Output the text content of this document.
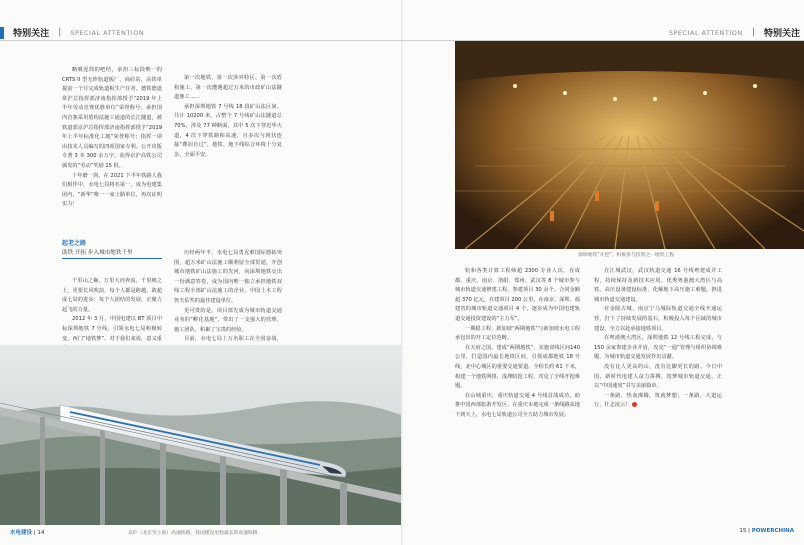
特别关注 | SPECIAL ATTENTION	SPECIAL ATTENTION | 特别关注

略吸泥筒的吧结，承担三标段唯一的 CRTS II 型无砟轨道板厂、商砼站、高铁单提前一个月完成轨道板生产任务。德铁德道常沪总指挥部济南指挥部授予“2019 年上半年劳动竞赛优胜单位”荣誉称号；承担国内首条采用盾构法施工通道的长江隧道，被铁道部京沪总指挥部济南指挥部授予“2019 年上半年标准化工地”荣誉称号；指挥一项由技术人员编写的四项国家专利。公开出版专著 3 本 300 余万字，获得京沪高铁公司颁发的“劳动”奖励 15 批。

十年磨一剑。在 2021 下半年铁路人我们相伴中，水电七局将名第一，成为电建集团内、“新华”唯一一家土路单位，再次证明实力！

起老之路
助铁 开拓 步入城市地铁千里

千里山之巅，万里大河奔流，千里峡之上，更要长风吹浪，每个人都是跨越，敢超成七局的进步；每个人团结的发展，正聚力起飞的力量。

2012 年 3 月，中国电建以 BT 项目中标深圳地铁 7 号线，引领水电七局积极转变，西门“地铁梦”。对于我们来说，意义重

第一次地铁、第一次涉外特区、第一次盾构施工、第一次遭遇超过万米的市政矿山法隧道施工……

承担深圳地铁 7 号线 18 段矿山法区间。共计 10200 米，占整个 7 号线矿山法隧道总 70%，涉及 77 种断面，其中 5 次下穿近华大道，4 次下穿铁路和高速，且多次与现状连接“叠泪自过”，地铁、地下线综合环境十分复杂，全面平安。

历经两年半，水电七局勇克难国际德拓突围，超万米矿山法施工顺利留全部贯通，开创城市地铁矿山法施工的先河，向深圳地铁交出一份满意答卷，成为国内唯一独立承担地铁双线工程全部矿山法施工的企业，中国土木工程詹天佑奖的最佳建设单位。

更可贵的是，项目部先成为城市轨道交通业务的“孵化基地”，带出了一支强大的管理、施工团队，积累了宝贵的经验。

目前，水电七局上万名职工在全国奋战，

京沪（北京至上海）高速铁路，我国建设里程最长的高速铁路
深圳地铁“开挖”，积极参与投资之一地铁工程

轨和各类计算工程师超 2300 专业人次。在成都、重庆、南京、洛阳、郑州、武汉等 8 个城市参与城市轨道交通修建工程，参建项目 30 余个。合同金额超 370 亿元，在建项目 200 公里，在南京、深圳、福建省的城市轨道交通项目 4 个，逐步成为中国电建轨道交通投资建设的“主力军”。

一期稳工程，新加坡“两期地铁”与新加坡水电工程承包出的开工定位范畴。

在天府之国，建成“两期地铁”，实施双线区间140 公里，打造国内最长地铁区间，引领成都地铁 18 号线，北中心城区的重要交通要道。全程长约 61 千米，构建一个地铁网络。浅埋暗挖工程，攻克了全线开挖难题。

在山城重庆，重庆轨道交通 4 号线首战成功，助推中国西部旅游开发区，在重庆本地完成一条线路从地下到天上，水电七局轨道公司全力助力城市发展。

在江城武汉，武汉轨道交通 16 号线粤建成并工程，持续保持及新技术应用。优秀粤港澳大湾区与高铁、高压设备建设标准，化解地下高压施工难题，推进城市轨道交通建设。

在金陵古城，南京宁马城际轨道交通全线开通运营，打下了持续发展的基石，积极投入每个区域的城市建设，全力以赴承接地铁项目。

在粤港澳大湾区，深圳地铁 12 号线工程完成，与 150 余家参建企业并肩，攻克“一通”管理与组织协调难题，为城市轨道交通发展作出贡献。

没有比人更高的山，没有比脚更长的路。今日中国，新时代电建人奋力拼搏，筑梦城市轨道交通，正以“中国速度”书写美丽篇章。

一条路，热血沸腾，筑就梦想；一条路，大道运行，壮志凌云！

水电建设 | 14	15 | POWERCHINA
